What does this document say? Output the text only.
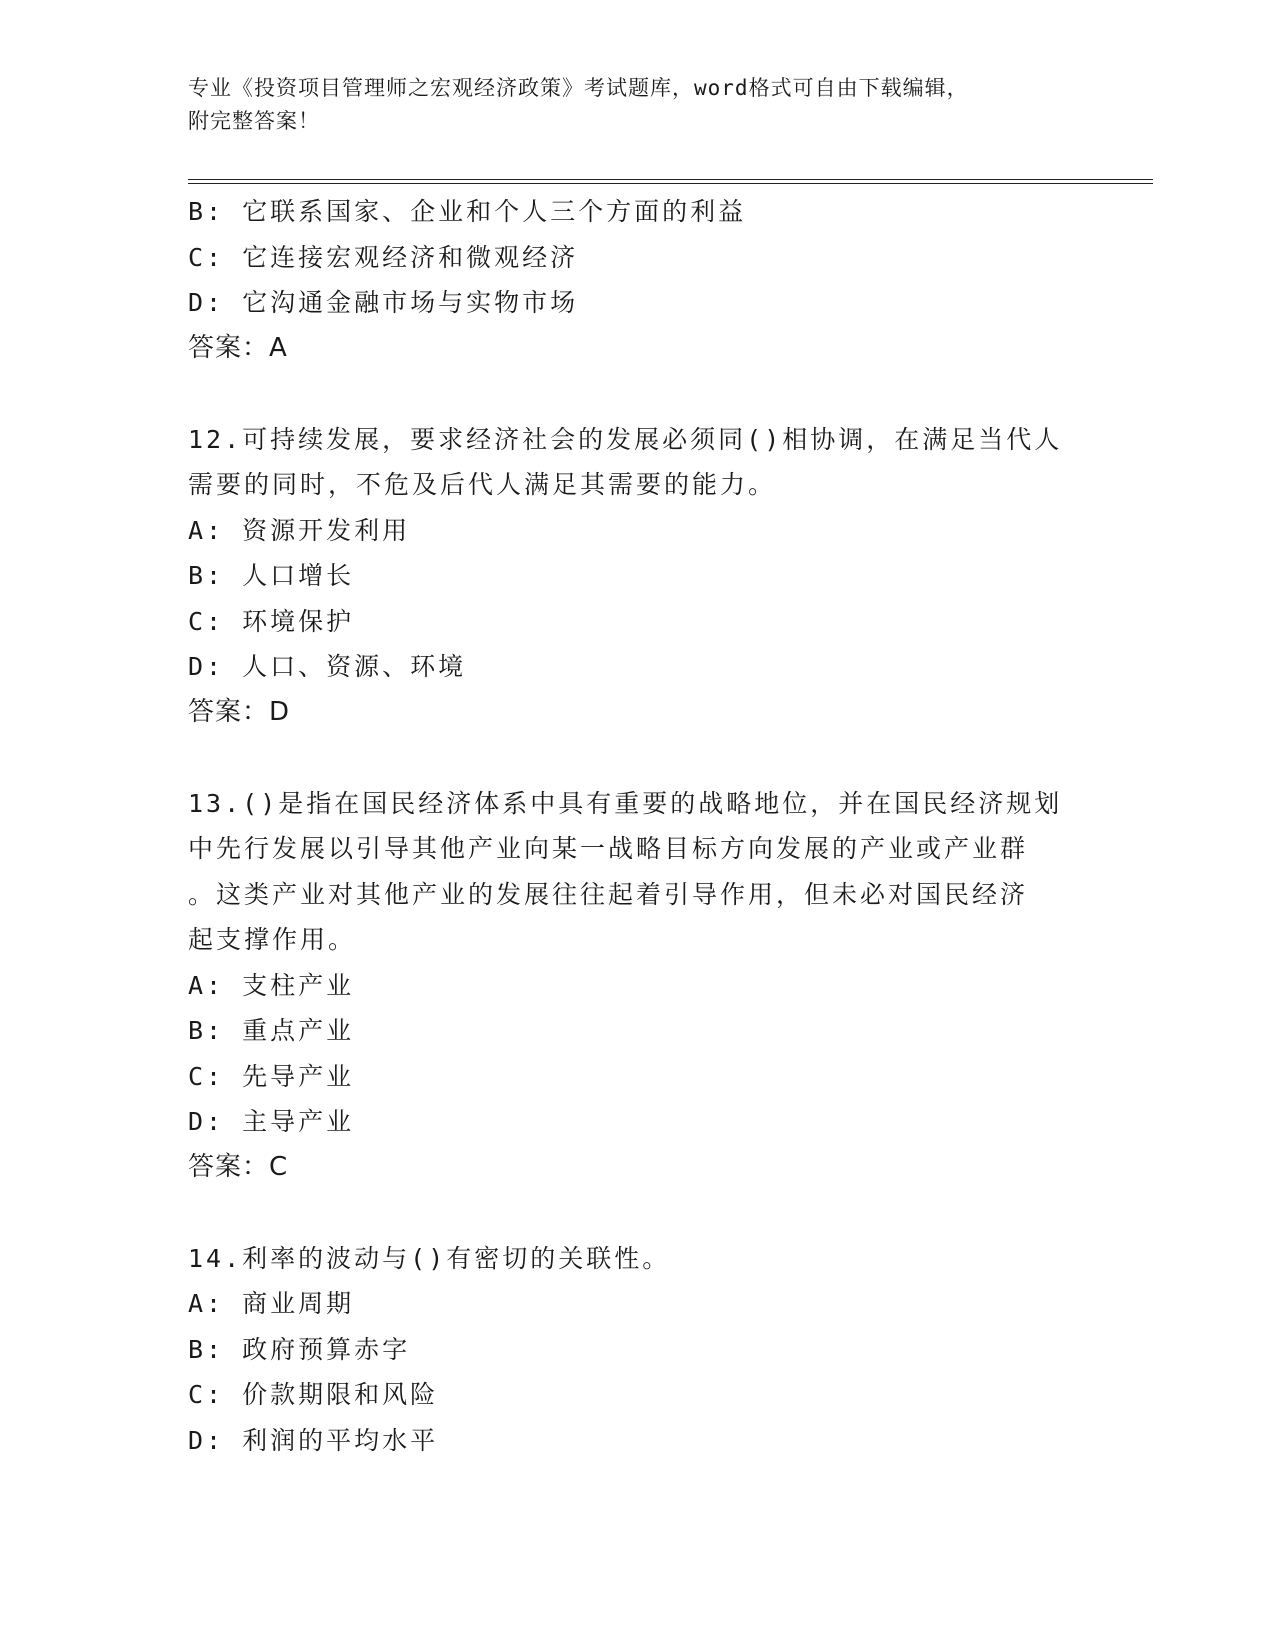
专业《投资项目管理师之宏观经济政策》考试题库，word格式可自由下载编辑，
附完整答案！
B: 它联系国家、企业和个人三个方面的利益
C: 它连接宏观经济和微观经济
D: 它沟通金融市场与实物市场
答案：A
12.可持续发展，要求经济社会的发展必须同()相协调，在满足当代人
需要的同时，不危及后代人满足其需要的能力。
A: 资源开发利用
B: 人口增长
C: 环境保护
D: 人口、资源、环境
答案：D
13.()是指在国民经济体系中具有重要的战略地位，并在国民经济规划
中先行发展以引导其他产业向某一战略目标方向发展的产业或产业群
。这类产业对其他产业的发展往往起着引导作用，但未必对国民经济
起支撑作用。
A: 支柱产业
B: 重点产业
C: 先导产业
D: 主导产业
答案：C
14.利率的波动与()有密切的关联性。
A: 商业周期
B: 政府预算赤字
C: 价款期限和风险
D: 利润的平均水平
